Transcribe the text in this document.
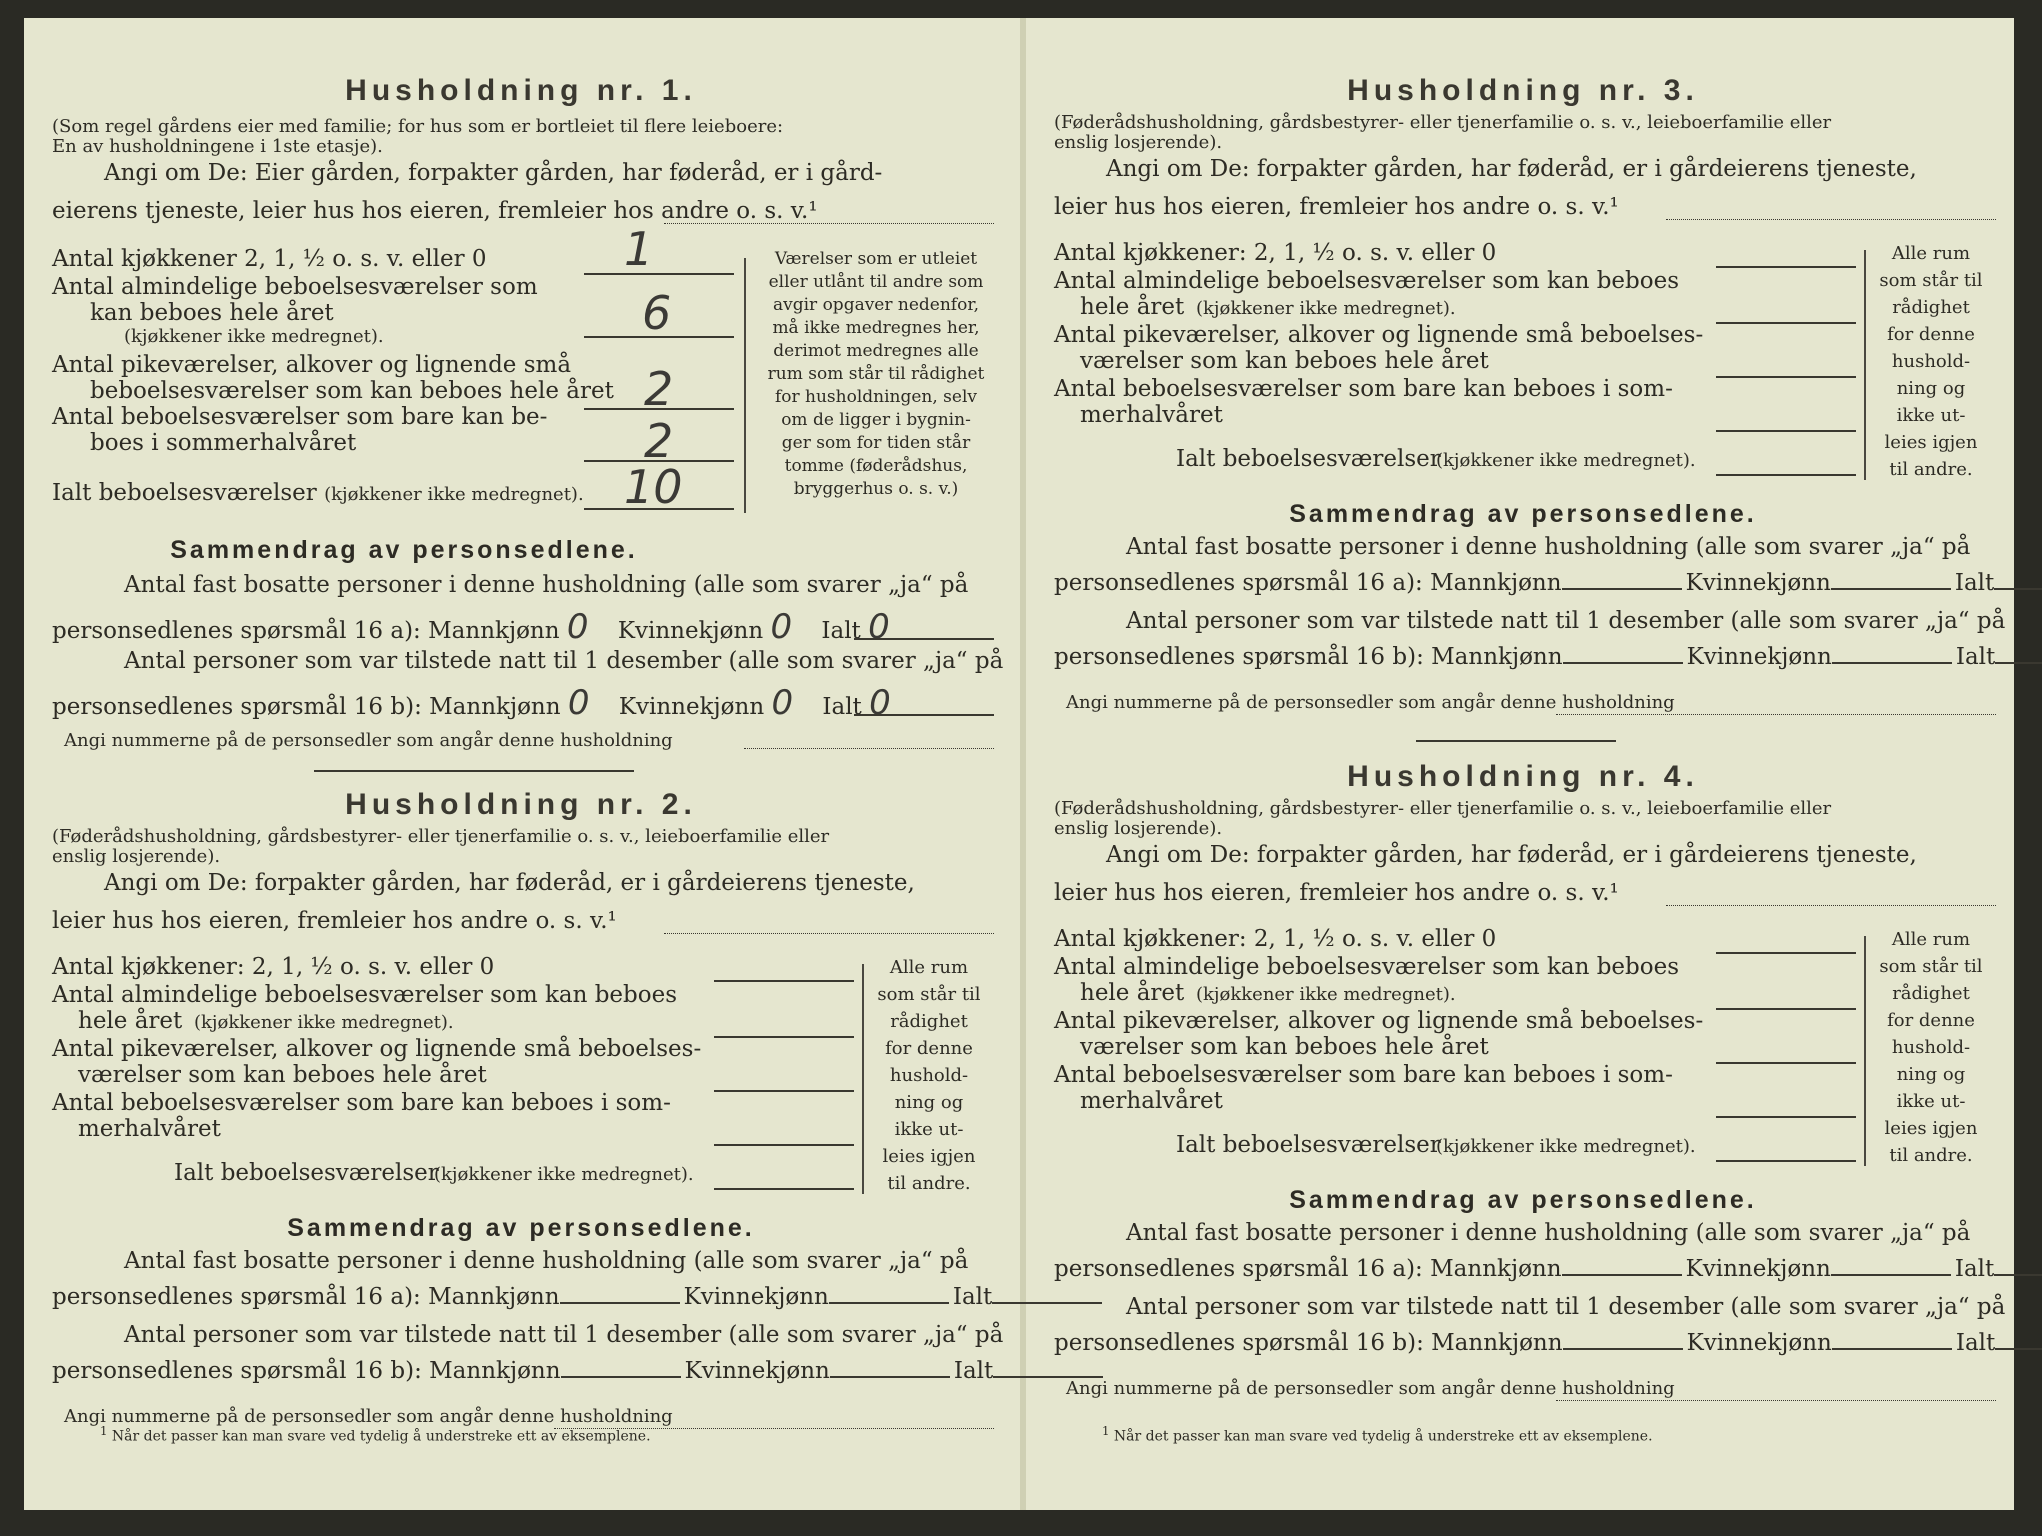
Husholdning nr. 1.
(Som regel gårdens eier med familie; for hus som er bortleiet til flere leieboere:
En av husholdningene i 1ste etasje).
Angi om De: Eier gården, forpakter gården, har føderåd, er i gård-
eierens tjeneste, leier hus hos eieren, fremleier hos andre o. s. v.¹
Antal kjøkkener 2, 1, ½ o. s. v. eller 0	1
Antal almindelige beboelsesværelser som
kan beboes hele året
(kjøkkener ikke medregnet).	6
Antal pikeværelser, alkover og lignende små
beboelsesværelser som kan beboes hele året 2
Antal beboelsesværelser som bare kan be-
boes i sommerhalvåret	2
Ialt beboelsesværelser (kjøkkener ikke medregnet). 10
Værelser som er utleiet
eller utlånt til andre som
avgir opgaver nedenfor,
må ikke medregnes her,
derimot medregnes alle
rum som står til rådighet
for husholdningen, selv
om de ligger i bygnin-
ger som for tiden står
tomme (føderådshus,
bryggerhus o. s. v.)
Sammendrag av personsedlene.
Antal fast bosatte personer i denne husholdning (alle som svarer „ja“ på
personsedlenes spørsmål 16 a): Mannkjønn 0 Kvinnekjønn 0 Ialt 0
Antal personer som var tilstede natt til 1 desember (alle som svarer „ja“ på
personsedlenes spørsmål 16 b): Mannkjønn 0 Kvinnekjønn 0 Ialt 0
Angi nummerne på de personsedler som angår denne husholdning
Husholdning nr. 2.
(Føderådshusholdning, gårdsbestyrer- eller tjenerfamilie o. s. v., leieboerfamilie eller
enslig losjerende).
Angi om De: forpakter gården, har føderåd, er i gårdeierens tjeneste,
leier hus hos eieren, fremleier hos andre o. s. v.¹
Antal kjøkkener: 2, 1, ½ o. s. v. eller 0
Antal almindelige beboelsesværelser som kan beboes
hele året (kjøkkener ikke medregnet).
Antal pikeværelser, alkover og lignende små beboelses-
værelser som kan beboes hele året
Antal beboelsesværelser som bare kan beboes i som-
merhalvåret
Ialt beboelsesværelser
(kjøkkener ikke medregnet).
Antal fast bosatte personer i denne husholdning (alle som svarer „ja“ på
Antal personer som var tilstede natt til 1 desember (alle som svarer „ja“ på
Angi nummerne på de personsedler som angår denne husholdning
Alle rum
som står til
rådighet
for denne
hushold-
ning og
ikke ut-
leies igjen
til andre.
Sammendrag av personsedlene.
personsedlenes spørsmål 16 a): Mannkjønn	Kvinnekjønn	Ialt
personsedlenes spørsmål 16 b): Mannkjønn	Kvinnekjønn	Ialt
$^1$ Når det passer kan man svare ved tydelig å understreke ett av eksemplene.
Husholdning nr. 3.
(Føderådshusholdning, gårdsbestyrer- eller tjenerfamilie o. s. v., leieboerfamilie eller
enslig losjerende).
Angi om De: forpakter gården, har føderåd, er i gårdeierens tjeneste,
leier hus hos eieren, fremleier hos andre o. s. v.¹
Antal kjøkkener: 2, 1, ½ o. s. v. eller 0
Antal almindelige beboelsesværelser som kan beboes
hele året (kjøkkener ikke medregnet).
Antal pikeværelser, alkover og lignende små beboelses-
værelser som kan beboes hele året
Antal beboelsesværelser som bare kan beboes i som-
merhalvåret
Ialt beboelsesværelser
(kjøkkener ikke medregnet).
Antal fast bosatte personer i denne husholdning (alle som svarer „ja“ på
Antal personer som var tilstede natt til 1 desember (alle som svarer „ja“ på
Angi nummerne på de personsedler som angår denne husholdning
Alle rum
som står til
rådighet
for denne
hushold-
ning og
ikke ut-
leies igjen
til andre.
Sammendrag av personsedlene.
personsedlenes spørsmål 16 a): Mannkjønn	Kvinnekjønn	Ialt
personsedlenes spørsmål 16 b): Mannkjønn	Kvinnekjønn	Ialt
Husholdning nr. 4.
(Føderådshusholdning, gårdsbestyrer- eller tjenerfamilie o. s. v., leieboerfamilie eller
enslig losjerende).
Angi om De: forpakter gården, har føderåd, er i gårdeierens tjeneste,
leier hus hos eieren, fremleier hos andre o. s. v.¹
Antal kjøkkener: 2, 1, ½ o. s. v. eller 0
Antal almindelige beboelsesværelser som kan beboes
hele året (kjøkkener ikke medregnet).
Antal pikeværelser, alkover og lignende små beboelses-
værelser som kan beboes hele året
Antal beboelsesværelser som bare kan beboes i som-
merhalvåret
Ialt beboelsesværelser
(kjøkkener ikke medregnet).
Antal fast bosatte personer i denne husholdning (alle som svarer „ja“ på
Antal personer som var tilstede natt til 1 desember (alle som svarer „ja“ på
Angi nummerne på de personsedler som angår denne husholdning
Alle rum
som står til
rådighet
for denne
hushold-
ning og
ikke ut-
leies igjen
til andre.
Sammendrag av personsedlene.
personsedlenes spørsmål 16 a): Mannkjønn	Kvinnekjønn	Ialt
personsedlenes spørsmål 16 b): Mannkjønn	Kvinnekjønn	Ialt
$^1$ Når det passer kan man svare ved tydelig å understreke ett av eksemplene.
